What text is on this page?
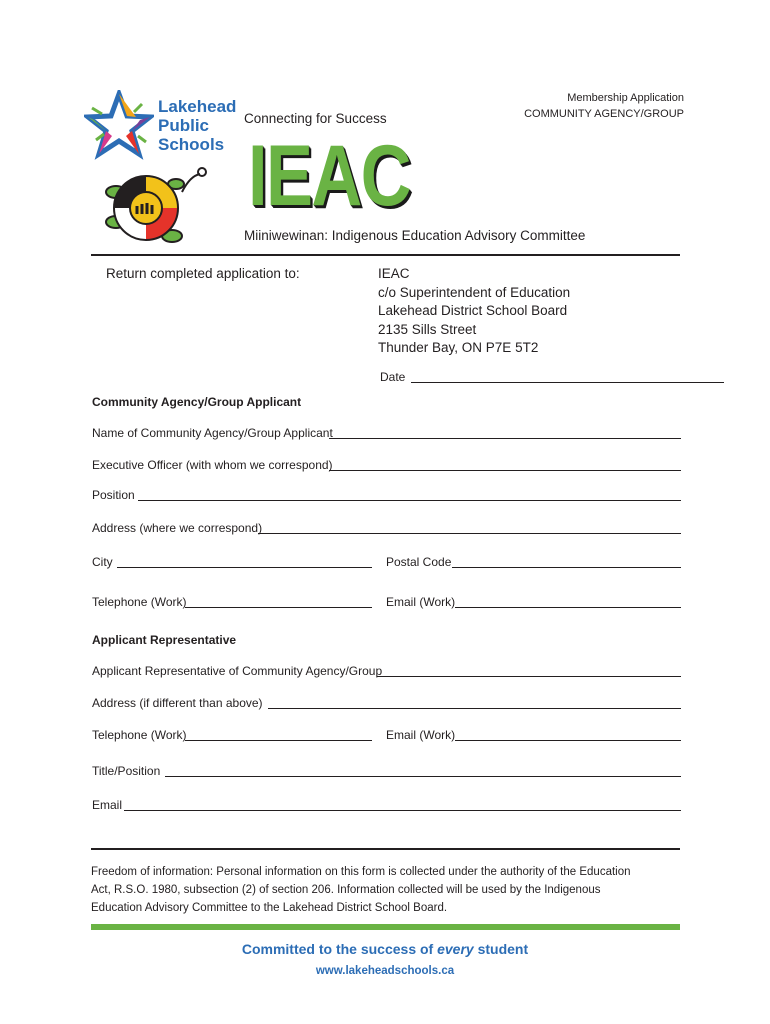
Lakehead
Public
Schools
Connecting for Success
Membership Application
COMMUNITY AGENCY/GROUP
IEAC
Miiniwewinan: Indigenous Education Advisory Committee
Return completed application to:	IEAC
c/o Superintendent of Education
Lakehead District School Board
2135 Sills Street
Thunder Bay, ON P7E 5T2
Date
Community Agency/Group Applicant
Name of Community Agency/Group Applicant
Executive Officer (with whom we correspond)
Position
Address (where we correspond)
City	Postal Code
Telephone (Work)	Email (Work)
Applicant Representative
Applicant Representative of Community Agency/Group
Address (if different than above)
Telephone (Work)	Email (Work)
Title/Position
Email
Freedom of information: Personal information on this form is collected under the authority of the Education
Act, R.S.O. 1980, subsection (2) of section 206. Information collected will be used by the Indigenous
Education Advisory Committee to the Lakehead District School Board.
Committed to the success of every student
www.lakeheadschools.ca
